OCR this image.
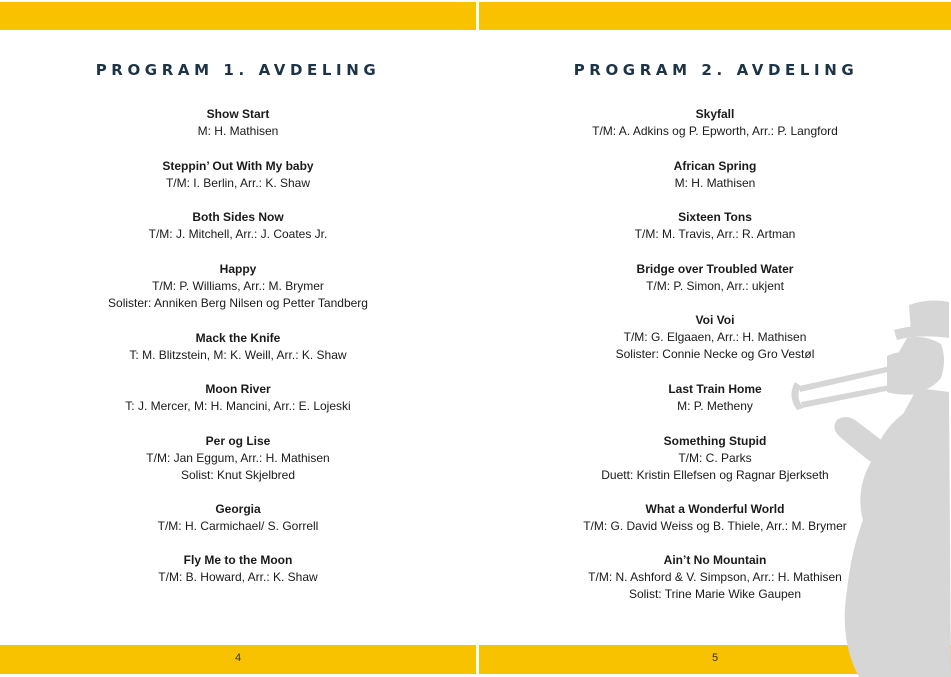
PROGRAM 1. AVDELING
Show Start
M: H. Mathisen
Steppin’ Out With My baby
T/M: I. Berlin, Arr.: K. Shaw
Both Sides Now
T/M: J. Mitchell, Arr.: J. Coates Jr.
Happy
T/M: P. Williams, Arr.: M. Brymer
Solister: Anniken Berg Nilsen og Petter Tandberg
Mack the Knife
T: M. Blitzstein, M: K. Weill, Arr.: K. Shaw
Moon River
T: J. Mercer, M: H. Mancini, Arr.: E. Lojeski
Per og Lise
T/M: Jan Eggum, Arr.: H. Mathisen
Solist: Knut Skjelbred
Georgia
T/M: H. Carmichael/ S. Gorrell
Fly Me to the Moon
T/M: B. Howard, Arr.: K. Shaw
4
PROGRAM 2. AVDELING
Skyfall
T/M: A. Adkins og P. Epworth, Arr.: P. Langford
African Spring
M: H. Mathisen
Sixteen Tons
T/M: M. Travis, Arr.: R. Artman
Bridge over Troubled Water
T/M: P. Simon, Arr.: ukjent
Voi Voi
T/M: G. Elgaaen, Arr.: H. Mathisen
Solister: Connie Necke og Gro Vestøl
Last Train Home
M: P. Metheny
Something Stupid
T/M: C. Parks
Duett: Kristin Ellefsen og Ragnar Bjerkseth
What a Wonderful World
T/M: G. David Weiss og B. Thiele, Arr.: M. Brymer
Ain’t No Mountain
T/M: N. Ashford & V. Simpson, Arr.: H. Mathisen
Solist: Trine Marie Wike Gaupen
5
